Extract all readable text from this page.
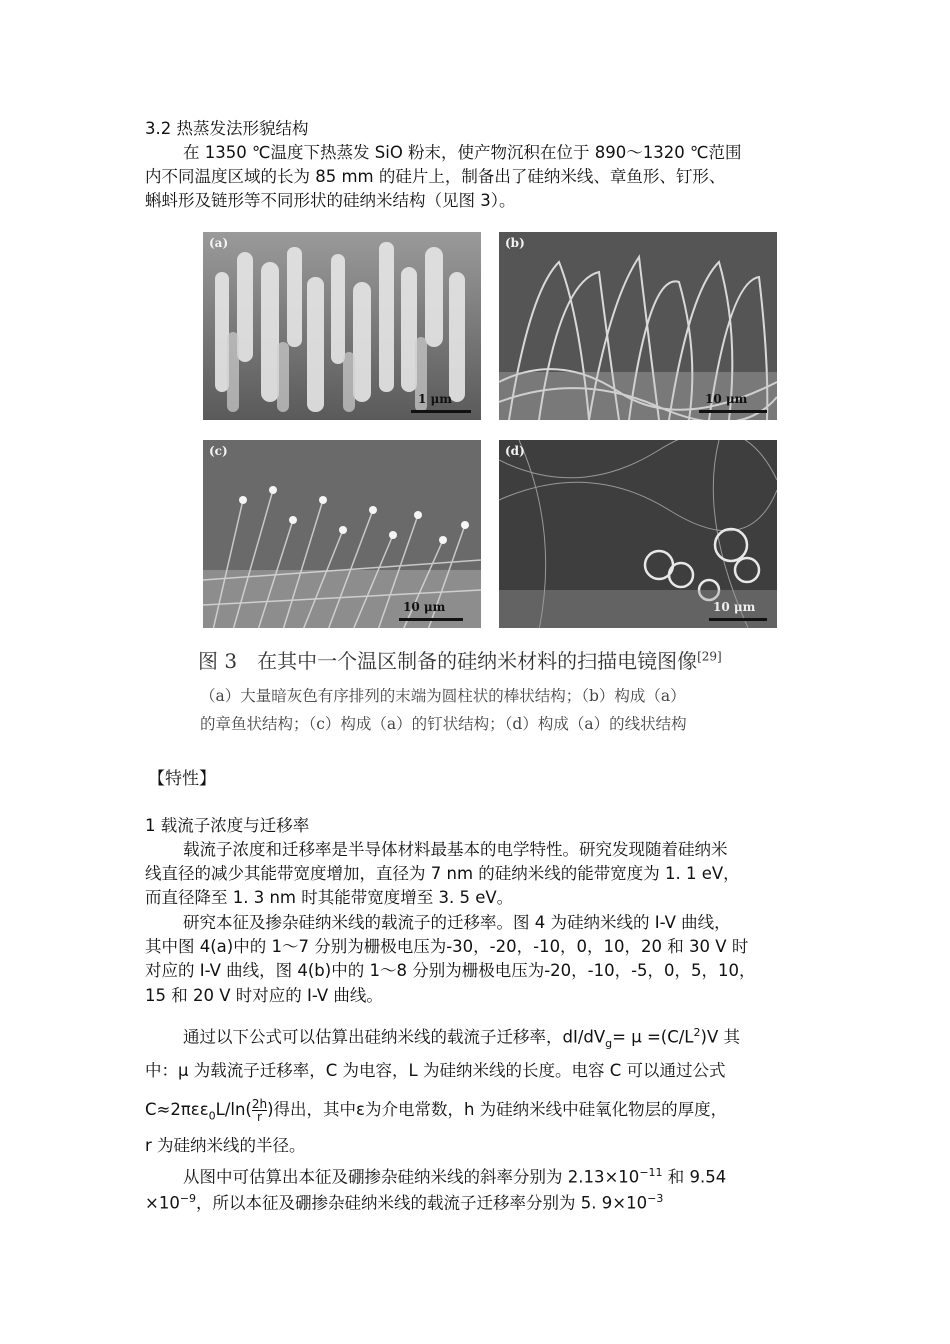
3.2 热蒸发法形貌结构
在 1350 ℃温度下热蒸发 SiO 粉末，使产物沉积在位于 890～1320 ℃范围
内不同温度区域的长为 85 mm 的硅片上，制备出了硅纳米线、章鱼形、钉形、
蝌蚪形及链形等不同形状的硅纳米结构（见图 3）。
(a)
1 μm
(b)
10 μm
(c)
10 μm
(d)
10 μm
图 3　在其中一个温区制备的硅纳米材料的扫描电镜图像[29]
（a）大量暗灰色有序排列的末端为圆柱状的棒状结构；（b）构成（a）
的章鱼状结构；（c）构成（a）的钉状结构；（d）构成（a）的线状结构
【特性】
1 载流子浓度与迁移率
载流子浓度和迁移率是半导体材料最基本的电学特性。研究发现随着硅纳米
线直径的减少其能带宽度增加，直径为 7 nm 的硅纳米线的能带宽度为 1. 1 eV，
而直径降至 1. 3 nm 时其能带宽度增至 3. 5 eV。
研究本征及掺杂硅纳米线的载流子的迁移率。图 4 为硅纳米线的 I-V 曲线，
其中图 4(a)中的 1～7 分别为栅极电压为-30，-20，-10，0，10，20 和 30 V 时
对应的 I-V 曲线，图 4(b)中的 1～8 分别为栅极电压为-20，-10，-5，0，5，10，
15 和 20 V 时对应的 I-V 曲线。
通过以下公式可以估算出硅纳米线的载流子迁移率，$dI/dV_g= \mu =(C/L^2)V$ 其
中：μ 为载流子迁移率，C 为电容，L 为硅纳米线的长度。电容 C 可以通过公式
$C\approx 2\pi\varepsilon\varepsilon_0L/\ln( \frac{2h}{r}$ )得出，其中ε为介电常数，h 为硅纳米线中硅氧化物层的厚度，
r 为硅纳米线的半径。
从图中可估算出本征及硼掺杂硅纳米线的斜率分别为 $2.13\times 10^{-11}$ 和 9.54
$\times 10^{-9}$，所以本征及硼掺杂硅纳米线的载流子迁移率分别为 5. $9\times 10^{-3}$
